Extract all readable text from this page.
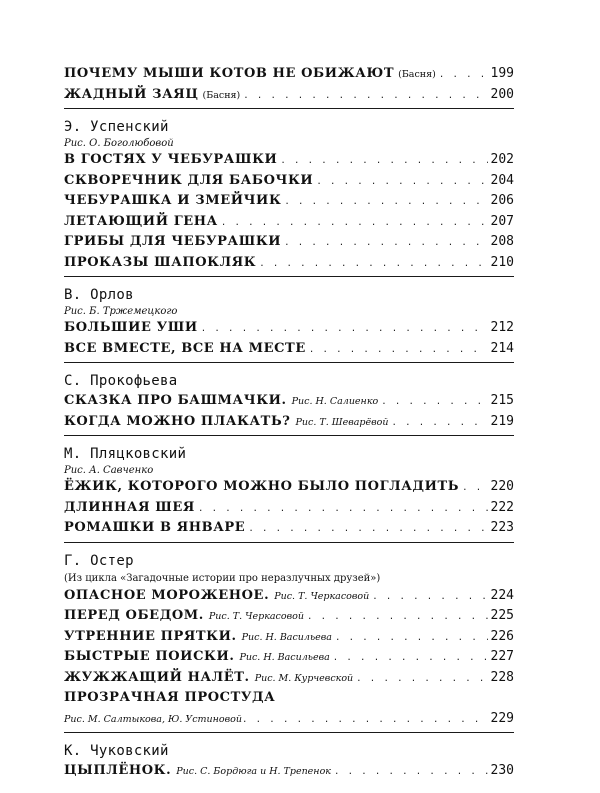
ПОЧЕМУ МЫШИ КОТОВ НЕ ОБИЖАЮТ (Басня) . . .	199
ЖАДНЫЙ ЗАЯЦ (Басня) . . .	200
Э. Успенский
Рис. О. Боголюбовой
В ГОСТЯХ У ЧЕБУРАШКИ . . .	202
СКВОРЕЧНИК ДЛЯ БАБОЧКИ . . .	204
ЧЕБУРАШКА И ЗМЕЙЧИК . . .	206
ЛЕТАЮЩИЙ ГЕНА . . .	207
ГРИБЫ ДЛЯ ЧЕБУРАШКИ . . .	208
ПРОКАЗЫ ШАПОКЛЯК . . .	210
В. Орлов
Рис. Б. Тржемецкого
БОЛЬШИЕ УШИ . . .	212
ВСЕ ВМЕСТЕ, ВСЕ НА МЕСТЕ . . .	214
С. Прокофьева
СКАЗКА ПРО БАШМАЧКИ. Рис. Н. Салиенко . . .	215
КОГДА МОЖНО ПЛАКАТЬ? Рис. Т. Шеварёвой . . .	219
М. Пляцковский
Рис. А. Савченко
ЁЖИК, КОТОРОГО МОЖНО БЫЛО ПОГЛАДИТЬ . . . 220
ДЛИННАЯ ШЕЯ . . .	222
РОМАШКИ В ЯНВАРЕ . . .	223
Г. Остер
(Из цикла «Загадочные истории про неразлучных друзей»)
ОПАСНОЕ МОРОЖЕНОЕ. Рис. Т. Черкасовой . . .	224
ПЕРЕД ОБЕДОМ. Рис. Т. Черкасовой . . .	225
УТРЕННИЕ ПРЯТКИ. Рис. Н. Васильева . . .	226
БЫСТРЫЕ ПОИСКИ. Рис. Н. Васильева . . .	227
ЖУЖЖАЩИЙ НАЛЁТ. Рис. М. Курчевской . . .	228
ПРОЗРАЧНАЯ ПРОСТУДА
Рис. М. Салтыкова, Ю. Устиновой . . .	229
К. Чуковский
ЦЫПЛЁНОК. Рис. С. Бордюга и Н. Трепенок . . .	230
